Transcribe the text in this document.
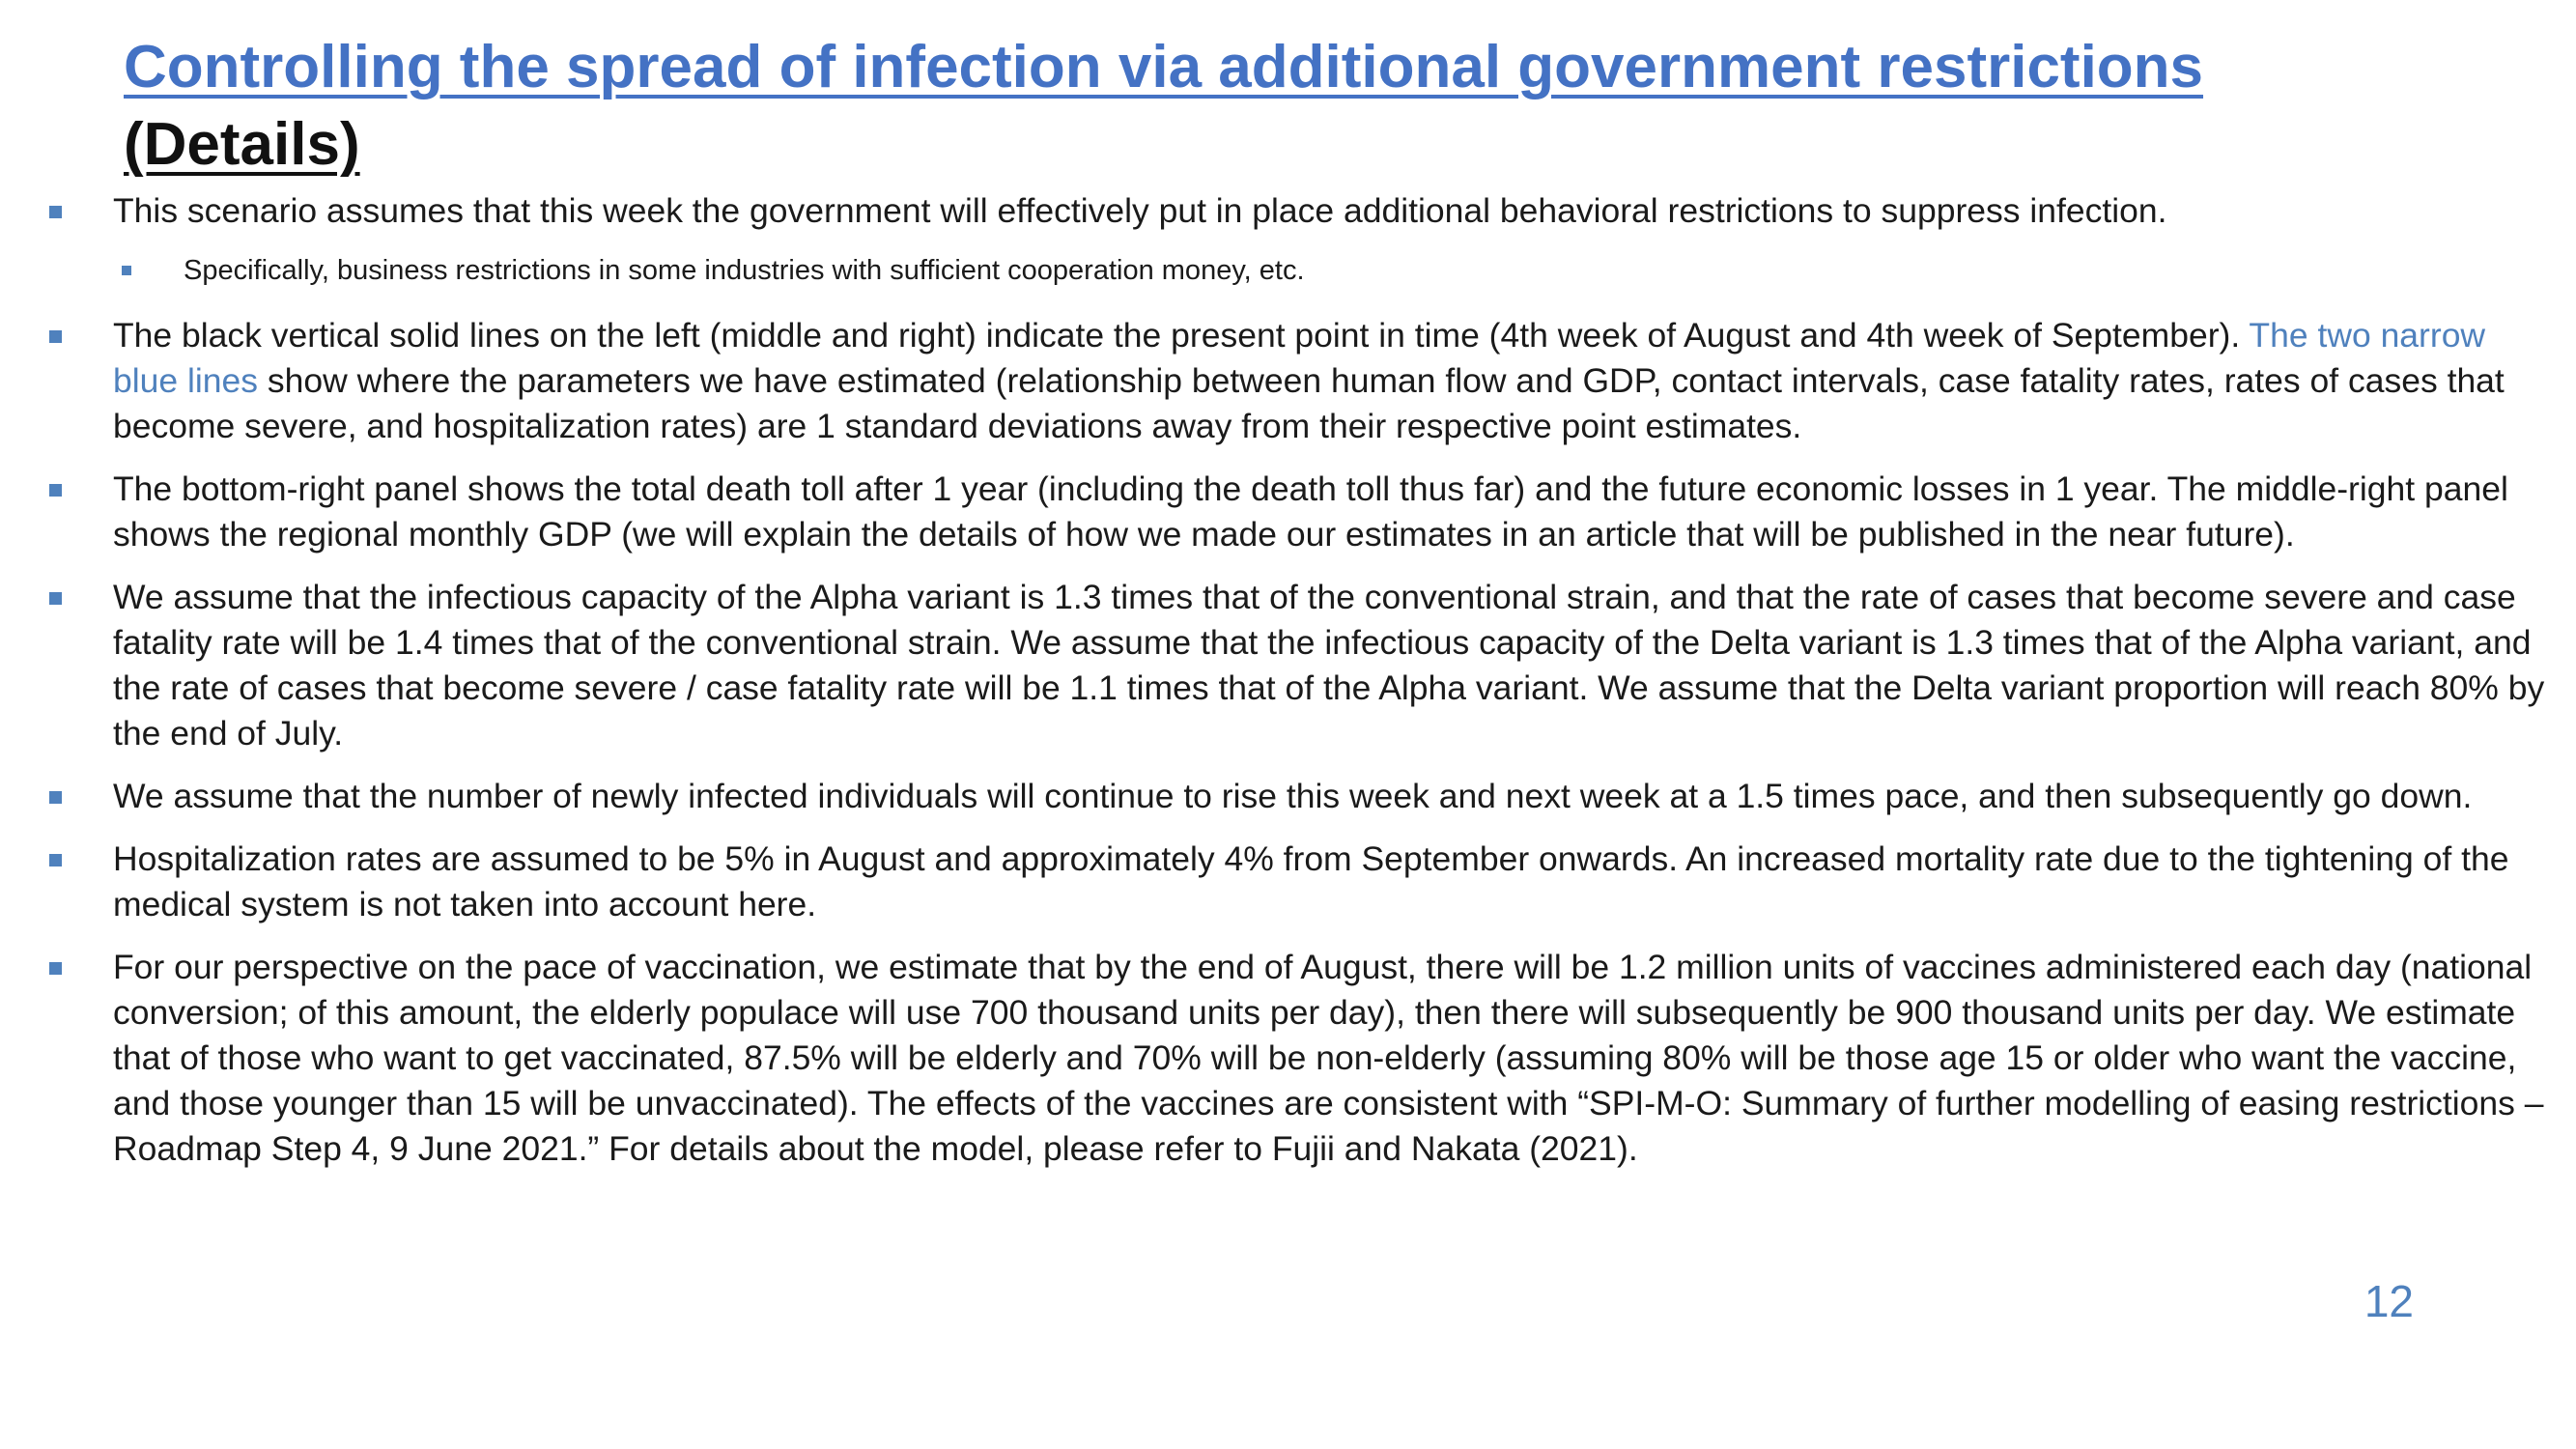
Controlling the spread of infection via additional government restrictions
(Details)
This scenario assumes that this week the government will effectively put in place additional behavioral restrictions to suppress infection.
Specifically, business restrictions in some industries with sufficient cooperation money, etc.
The black vertical solid lines on the left (middle and right) indicate the present point in time (4th week of August and 4th week of September). The two narrow blue lines show where the parameters we have estimated (relationship between human flow and GDP, contact intervals, case fatality rates, rates of cases that become severe, and hospitalization rates) are 1 standard deviations away from their respective point estimates.
The bottom-right panel shows the total death toll after 1 year (including the death toll thus far) and the future economic losses in 1 year. The middle-right panel shows the regional monthly GDP (we will explain the details of how we made our estimates in an article that will be published in the near future).
We assume that the infectious capacity of the Alpha variant is 1.3 times that of the conventional strain, and that the rate of cases that become severe and case fatality rate will be 1.4 times that of the conventional strain. We assume that the infectious capacity of the Delta variant is 1.3 times that of the Alpha variant, and the rate of cases that become severe / case fatality rate will be 1.1 times that of the Alpha variant. We assume that the Delta variant proportion will reach 80% by the end of July.
We assume that the number of newly infected individuals will continue to rise this week and next week at a 1.5 times pace, and then subsequently go down.
Hospitalization rates are assumed to be 5% in August and approximately 4% from September onwards. An increased mortality rate due to the tightening of the medical system is not taken into account here.
For our perspective on the pace of vaccination, we estimate that by the end of August, there will be 1.2 million units of vaccines administered each day (national conversion; of this amount, the elderly populace will use 700 thousand units per day), then there will subsequently be 900 thousand units per day. We estimate that of those who want to get vaccinated, 87.5% will be elderly and 70% will be non-elderly (assuming 80% will be those age 15 or older who want the vaccine, and those younger than 15 will be unvaccinated). The effects of the vaccines are consistent with “SPI-M-O: Summary of further modelling of easing restrictions – Roadmap Step 4, 9 June 2021.” For details about the model, please refer to Fujii and Nakata (2021).
12
